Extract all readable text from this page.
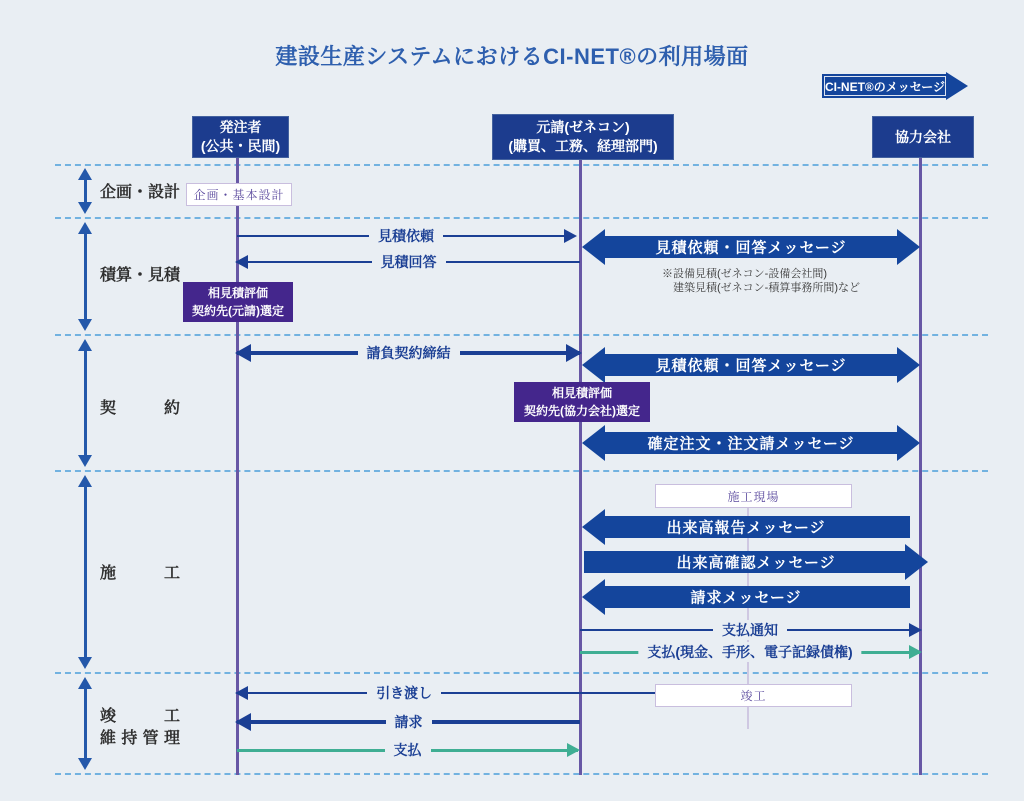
企画・設計
積算・見積
契約
施工
竣工
維持管理
見積依頼
見積回答
見積依頼・回答メッセージ
※設備見積(ゼネコン-設備会社間)
建築見積(ゼネコン-積算事務所間)など
請負契約締結
見積依頼・回答メッセージ
確定注文・注文請メッセージ
出来高報告メッセージ
出来高確認メッセージ
請求メッセージ
支払通知
支払(現金、手形、電子記録債権)
引き渡し
請求
支払
企画・基本設計
施工現場
竣工
相見積評価
契約先(元請)選定
相見積評価
契約先(協力会社)選定
発注者
(公共・民間)
元請(ゼネコン)
(購買、工務、経理部門)
協力会社
建設生産システムにおけるCI-NET®の利用場面
CI-NET®のメッセージ
